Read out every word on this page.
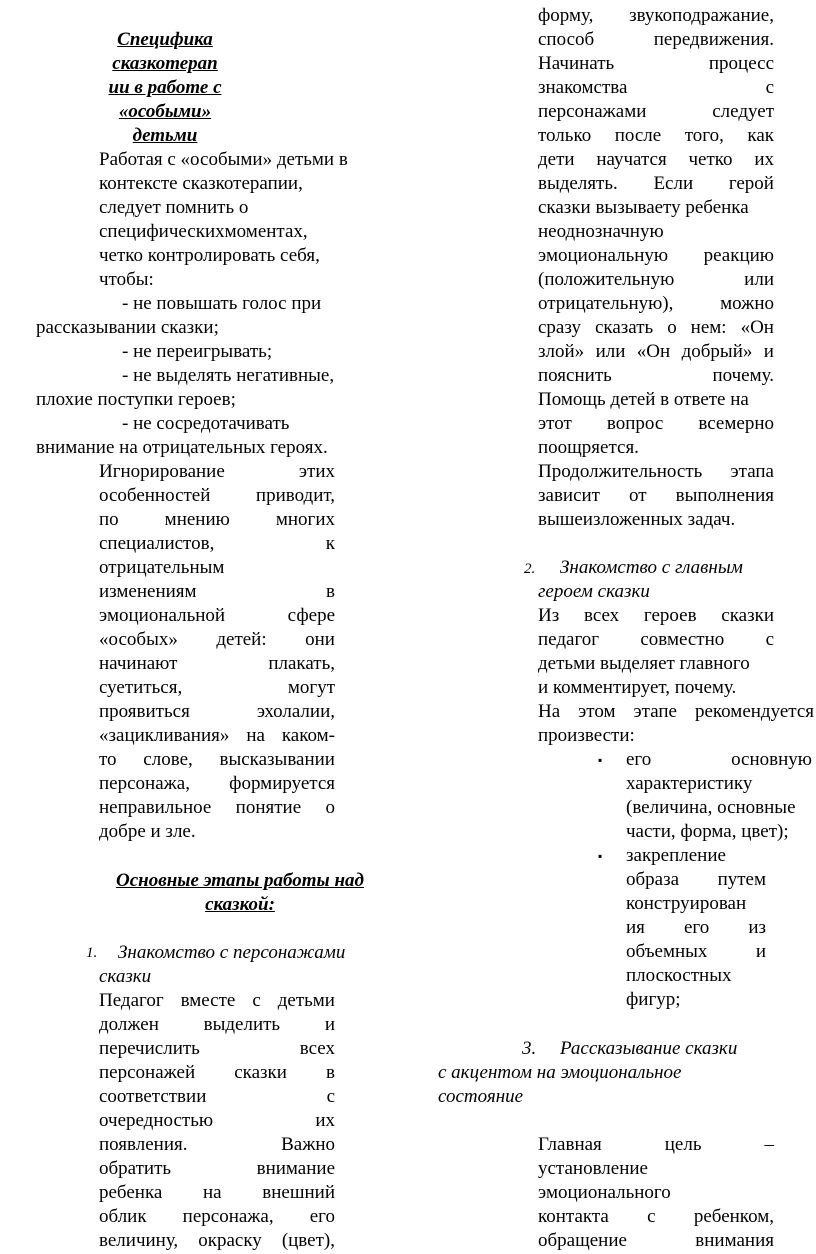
Специфика
сказкотерап
ии в работе с
«особыми»
детьми
Работая с «особыми» детьми в
контексте сказкотерапии,
следует помнить о
специфическихмоментах,
четко контролировать себя,
чтобы:
- не повышать голос при
рассказывании сказки;
- не переигрывать;
- не выделять негативные,
плохие поступки героев;
- не сосредотачивать
внимание на отрицательных героях.
Игнорирование	этих
особенностей приводит,
по мнению многих
специалистов,	к
отрицательным
изменениям	в
эмоциональной	сфере
«особых» детей: они
начинают	плакать,
суетиться,	могут
проявиться	эхолалии,
«зацикливания» на каком-
то слове, высказывании
персонажа, формируется
неправильное понятие о
добре и зле.
Основные этапы работы над
сказкой:
1. Знакомство с персонажами
сказки
Педагог вместе с детьми
должен выделить и
перечислить	всех
персонажей сказки в
соответствии	с
очередностью	их
появления.	Важно
обратить	внимание
ребенка на внешний
облик персонажа, его
величину, окраску (цвет),
форму, звукоподражание,
способ	передвижения.
Начинать	процесс
знакомства	с
персонажами	следует
только после того, как
дети научатся четко их
выделять. Если герой
сказки вызываету ребенка
неоднозначную
эмоциональную реакцию
(положительную	или
отрицательную), можно
сразу сказать о нем: «Он
злой» или «Он добрый» и
пояснить	почему.
Помощь детей в ответе на
этот вопрос всемерно
поощряется.
Продолжительность этапа
зависит от выполнения
вышеизложенных задач.
2. Знакомство с главным
героем сказки
Из всех героев сказки
педагог совместно с
детьми выделяет главного
и комментирует, почему.
На этом этапе рекомендуется
произвести:
▪ его	основную
характеристику
(величина, основные
части, форма, цвет);
▪ закрепление
образа путем
конструирован
ия его из
объемных	и
плоскостных
фигур;
3. Рассказывание сказки
с акцентом на эмоциональное
состояние
Главная	цель	–
установление
эмоционального
контакта с ребенком,
обращение	внимания
